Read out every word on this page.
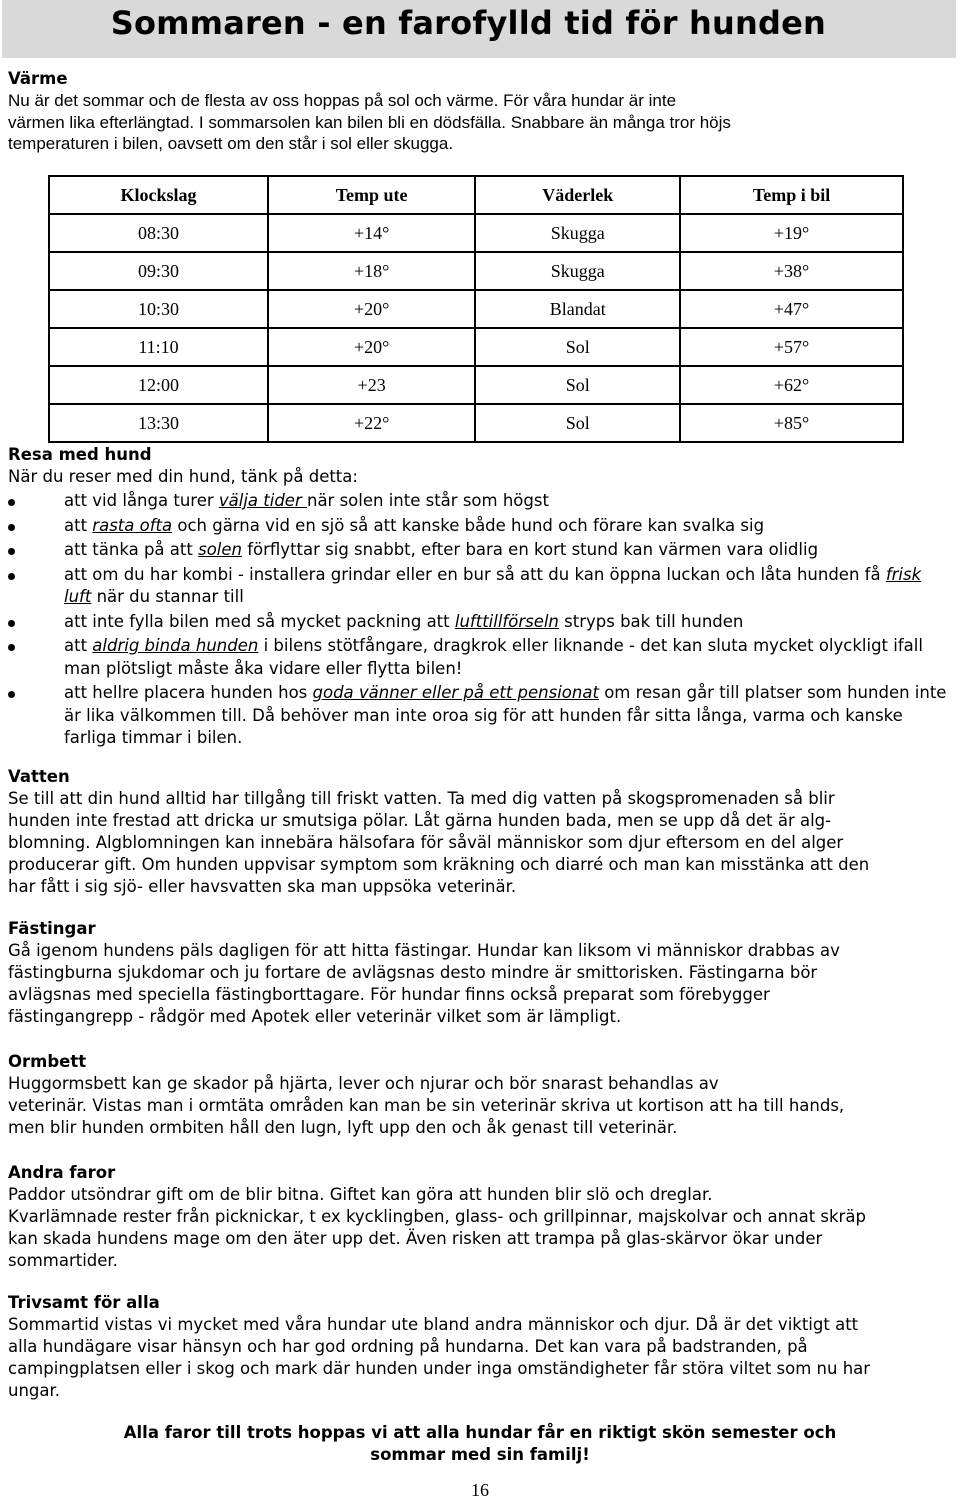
Sommaren - en farofylld tid för hunden
Värme
Nu är det sommar och de flesta av oss hoppas på sol och värme. För våra hundar är inte
värmen lika efterlängtad. I sommarsolen kan bilen bli en dödsfälla. Snabbare än många tror höjs
temperaturen i bilen, oavsett om den står i sol eller skugga.
Klockslag	Temp ute	Väderlek	Temp i bil
08:30	+14°	Skugga	+19°
09:30	+18°	Skugga	+38°
10:30	+20°	Blandat	+47°
11:10	+20°	Sol	+57°
12:00	+23	Sol	+62°
13:30	+22°	Sol	+85°
Resa med hund
När du reser med din hund, tänk på detta:
att vid långa turer välja tider när solen inte står som högst
att rasta ofta och gärna vid en sjö så att kanske både hund och förare kan svalka sig
att tänka på att solen förflyttar sig snabbt, efter bara en kort stund kan värmen vara olidlig
att om du har kombi - installera grindar eller en bur så att du kan öppna luckan och låta hunden få frisk luft när du stannar till
att inte fylla bilen med så mycket packning att lufttillförseln stryps bak till hunden
att aldrig binda hunden i bilens stötfångare, dragkrok eller liknande - det kan sluta mycket olyckligt ifall man plötsligt måste åka vidare eller flytta bilen!
att hellre placera hunden hos goda vänner eller på ett pensionat om resan går till platser som hunden inte är lika välkommen till. Då behöver man inte oroa sig för att hunden får sitta långa, varma och kanske farliga timmar i bilen.
Vatten
Se till att din hund alltid har tillgång till friskt vatten. Ta med dig vatten på skogspromenaden så blir
hunden inte frestad att dricka ur smutsiga pölar. Låt gärna hunden bada, men se upp då det är alg-
blomning. Algblomningen kan innebära hälsofara för såväl människor som djur eftersom en del alger
producerar gift. Om hunden uppvisar symptom som kräkning och diarré och man kan misstänka att den
har fått i sig sjö- eller havsvatten ska man uppsöka veterinär.
Fästingar
Gå igenom hundens päls dagligen för att hitta fästingar. Hundar kan liksom vi människor drabbas av
fästingburna sjukdomar och ju fortare de avlägsnas desto mindre är smittorisken. Fästingarna bör
avlägsnas med speciella fästingborttagare. För hundar finns också preparat som förebygger
fästingangrepp - rådgör med Apotek eller veterinär vilket som är lämpligt.
Ormbett
Huggormsbett kan ge skador på hjärta, lever och njurar och bör snarast behandlas av
veterinär. Vistas man i ormtäta områden kan man be sin veterinär skriva ut kortison att ha till hands,
men blir hunden ormbiten håll den lugn, lyft upp den och åk genast till veterinär.
Andra faror
Paddor utsöndrar gift om de blir bitna. Giftet kan göra att hunden blir slö och dreglar.
Kvarlämnade rester från picknickar, t ex kycklingben, glass- och grillpinnar, majskolvar och annat skräp
kan skada hundens mage om den äter upp det. Även risken att trampa på glas-skärvor ökar under
sommartider.
Trivsamt för alla
Sommartid vistas vi mycket med våra hundar ute bland andra människor och djur. Då är det viktigt att
alla hundägare visar hänsyn och har god ordning på hundarna. Det kan vara på badstranden, på
campingplatsen eller i skog och mark där hunden under inga omständigheter får störa viltet som nu har
ungar.
Alla faror till trots hoppas vi att alla hundar får en riktigt skön semester och
sommar med sin familj!
16
